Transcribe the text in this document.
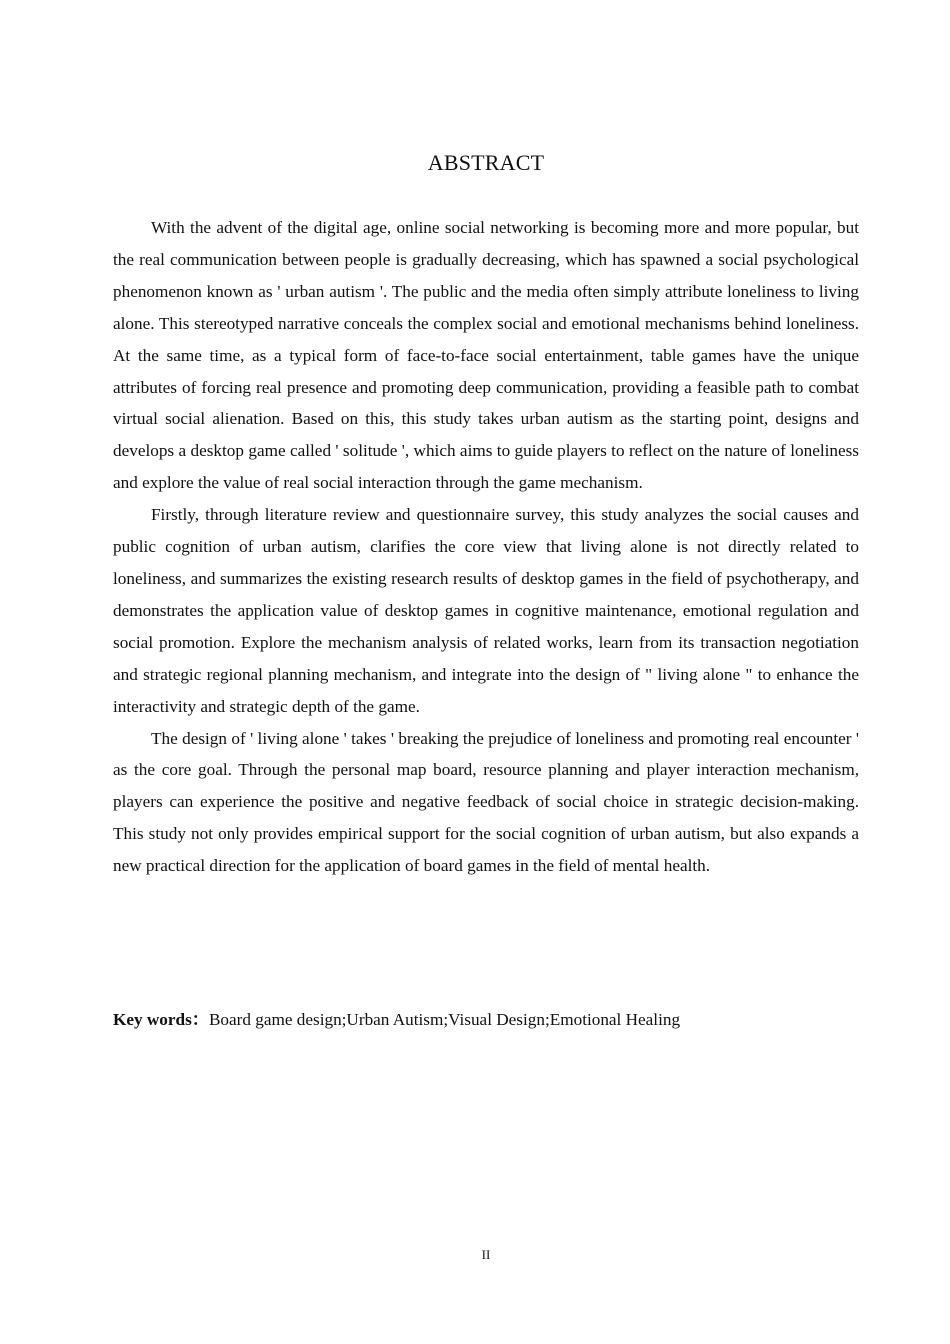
ABSTRACT

With the advent of the digital age, online social networking is becoming more and more popular, but the real communication between people is gradually decreasing, which has spawned a social psychological phenomenon known as ' urban autism '. The public and the media often simply attribute loneliness to living alone. This stereotyped narrative conceals the complex social and emotional mechanisms behind loneliness. At the same time, as a typical form of face-to-face social entertainment, table games have the unique attributes of forcing real presence and promoting deep communication, providing a feasible path to combat virtual social alienation. Based on this, this study takes urban autism as the starting point, designs and develops a desktop game called ' solitude ', which aims to guide players to reflect on the nature of loneliness and explore the value of real social interaction through the game mechanism.

Firstly, through literature review and questionnaire survey, this study analyzes the social causes and public cognition of urban autism, clarifies the core view that living alone is not directly related to loneliness, and summarizes the existing research results of desktop games in the field of psychotherapy, and demonstrates the application value of desktop games in cognitive maintenance, emotional regulation and social promotion. Explore the mechanism analysis of related works, learn from its transaction negotiation and strategic regional planning mechanism, and integrate into the design of " living alone " to enhance the interactivity and strategic depth of the game.

The design of ' living alone ' takes ' breaking the prejudice of loneliness and promoting real encounter ' as the core goal. Through the personal map board, resource planning and player interaction mechanism, players can experience the positive and negative feedback of social choice in strategic decision-making. This study not only provides empirical support for the social cognition of urban autism, but also expands a new practical direction for the application of board games in the field of mental health.

Key words：Board game design;Urban Autism;Visual Design;Emotional Healing
II
